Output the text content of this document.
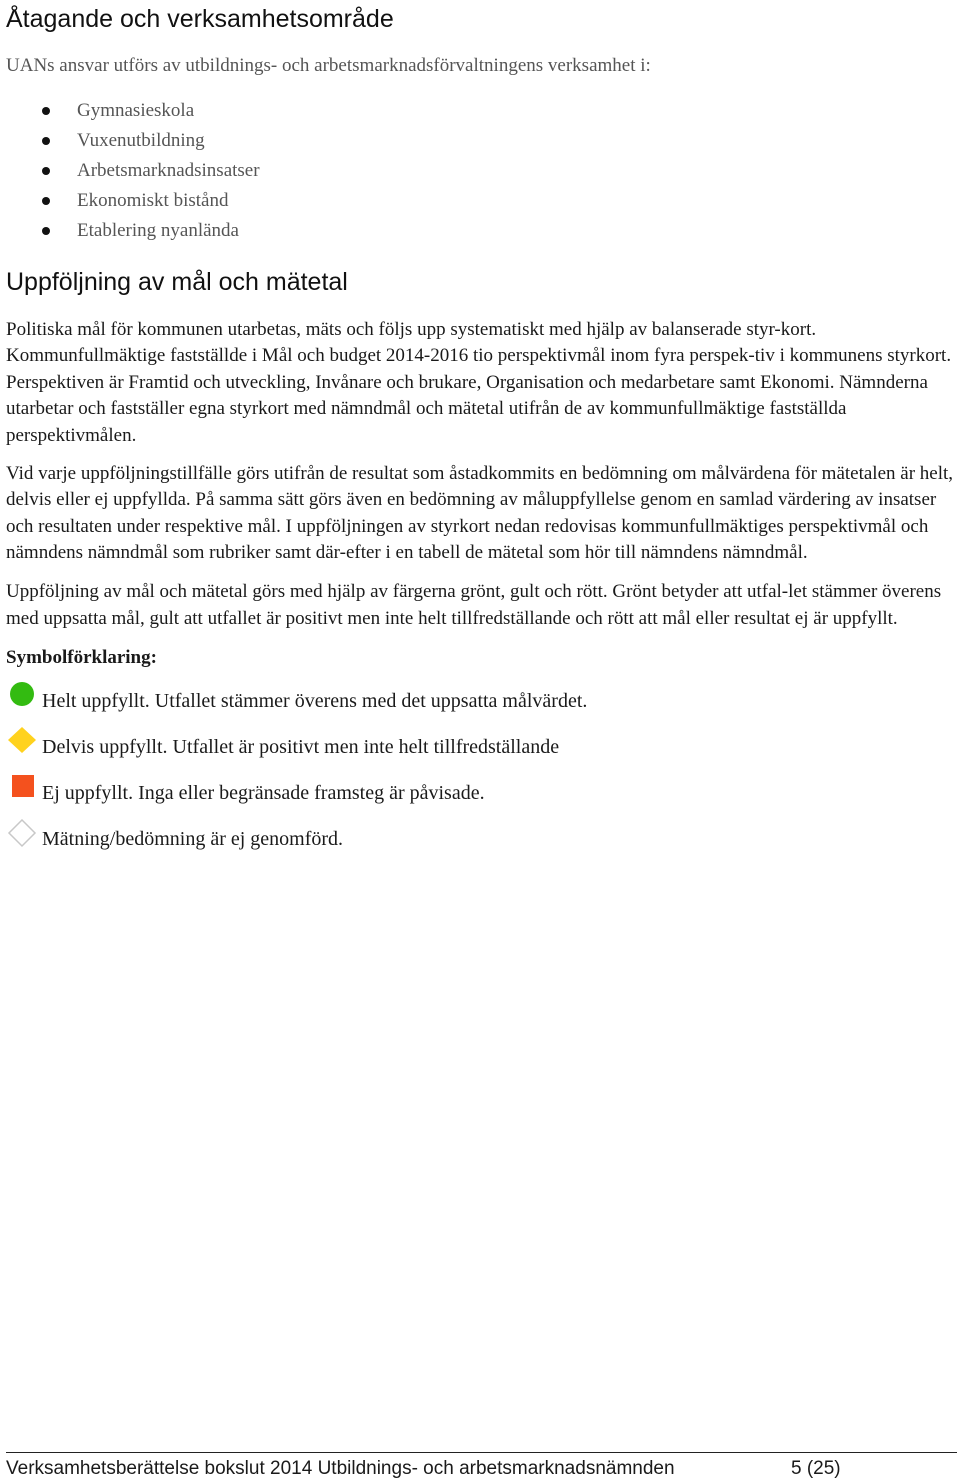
Åtagande och verksamhetsområde

UANs ansvar utförs av utbildnings- och arbetsmarknadsförvaltningens verksamhet i:

Gymnasieskola
Vuxenutbildning
Arbetsmarknadsinsatser
Ekonomiskt bistånd
Etablering nyanlända
Uppföljning av mål och mätetal

Politiska mål för kommunen utarbetas, mäts och följs upp systematiskt med hjälp av balanserade styr-kort. Kommunfullmäktige fastställde i Mål och budget 2014-2016 tio perspektivmål inom fyra perspek-tiv i kommunens styrkort. Perspektiven är Framtid och utveckling, Invånare och brukare, Organisation och medarbetare samt Ekonomi. Nämnderna utarbetar och fastställer egna styrkort med nämndmål och mätetal utifrån de av kommunfullmäktige fastställda perspektivmålen.

Vid varje uppföljningstillfälle görs utifrån de resultat som åstadkommits en bedömning om målvärdena för mätetalen är helt, delvis eller ej uppfyllda. På samma sätt görs även en bedömning av måluppfyllelse genom en samlad värdering av insatser och resultaten under respektive mål. I uppföljningen av styrkort nedan redovisas kommunfullmäktiges perspektivmål och nämndens nämndmål som rubriker samt där-efter i en tabell de mätetal som hör till nämndens nämndmål.

Uppföljning av mål och mätetal görs med hjälp av färgerna grönt, gult och rött. Grönt betyder att utfal-let stämmer överens med uppsatta mål, gult att utfallet är positivt men inte helt tillfredställande och rött att mål eller resultat ej är uppfyllt.

Symbolförklaring:
Helt uppfyllt. Utfallet stämmer överens med det uppsatta målvärdet.
Delvis uppfyllt. Utfallet är positivt men inte helt tillfredställande
Ej uppfyllt. Inga eller begränsade framsteg är påvisade.
Mätning/bedömning är ej genomförd.
Verksamhetsberättelse bokslut 2014 Utbildnings- och arbetsmarknadsnämnden	5 (25)
